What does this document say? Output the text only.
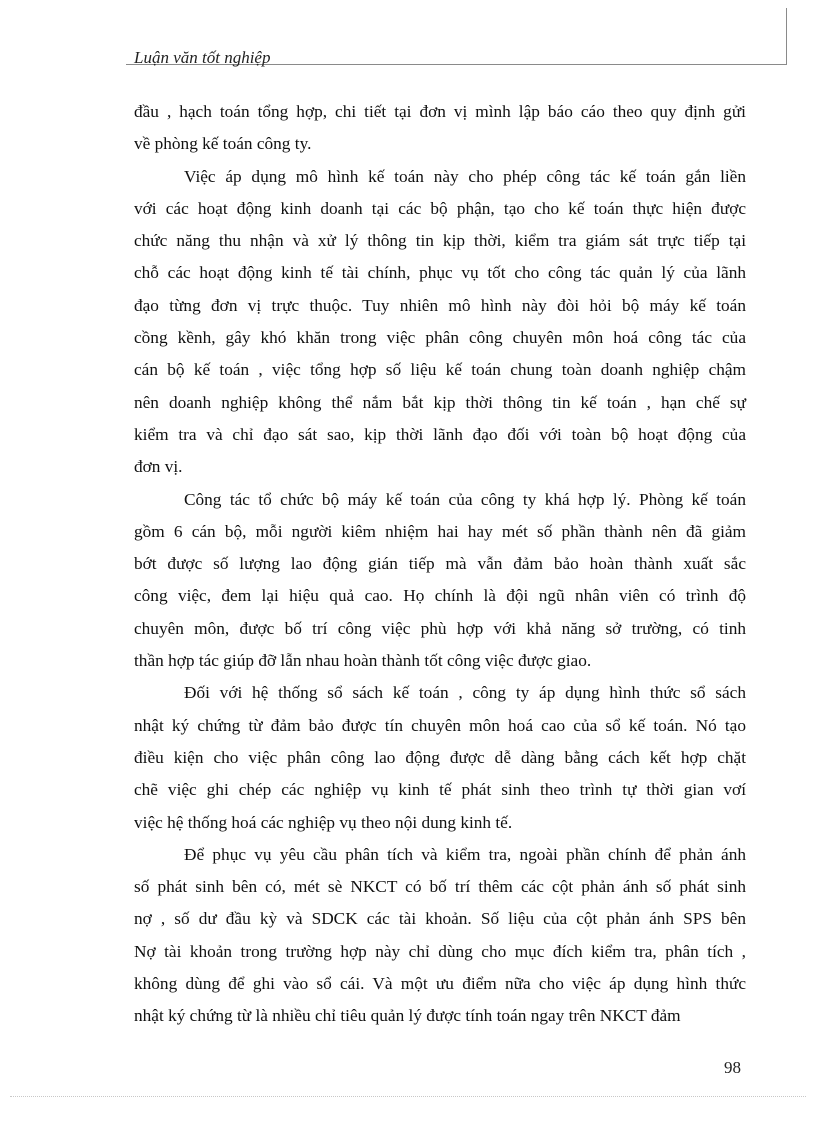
Luận văn tốt nghiệp

đầu , hạch toán tổng hợp, chi tiết tại đơn vị mình lập báo cáo theo quy định gửi
về phòng kế toán công ty.

Việc áp dụng mô hình kế toán này cho phép công tác kế toán gắn liền
với các hoạt động kinh doanh tại các bộ phận, tạo cho kế toán thực hiện được
chức năng thu nhận và xử lý thông tin kịp thời, kiểm tra giám sát trực tiếp tại
chỗ các hoạt động kinh tế tài chính, phục vụ tốt cho công tác quản lý của lãnh
đạo từng đơn vị trực thuộc. Tuy nhiên mô hình này đòi hỏi bộ máy kế toán
cồng kềnh, gây khó khăn trong việc phân công chuyên môn hoá công tác của
cán bộ kế toán , việc tổng hợp số liệu kế toán chung toàn doanh nghiệp chậm
nên doanh nghiệp không thể nắm bắt kịp thời thông tin kế toán , hạn chế sự
kiểm tra và chỉ đạo sát sao, kịp thời lãnh đạo đối với toàn bộ hoạt động của
đơn vị.

Công tác tổ chức bộ máy kế toán của công ty khá hợp lý. Phòng kế toán
gồm 6 cán bộ, mỗi người kiêm nhiệm hai hay mét số phần thành nên đã giảm
bớt được số lượng lao động gián tiếp mà vẫn đảm bảo hoàn thành xuất sắc
công việc, đem lại hiệu quả cao. Họ chính là đội ngũ nhân viên có trình độ
chuyên môn, được bố trí công việc phù hợp với khả năng sở trường, có tinh
thần hợp tác giúp đỡ lẫn nhau hoàn thành tốt công việc được giao.

Đối với hệ thống sổ sách kế toán , công ty áp dụng hình thức sổ sách
nhật ký chứng từ đảm bảo được tín chuyên môn hoá cao của sổ kế toán. Nó tạo
điều kiện cho việc phân công lao động được dễ dàng bằng cách kết hợp chặt
chẽ việc ghi chép các nghiệp vụ kinh tế phát sinh theo trình tự thời gian vơí
việc hệ thống hoá các nghiệp vụ theo nội dung kinh tế.

Để phục vụ yêu cầu phân tích và kiểm tra, ngoài phần chính để phản ánh
số phát sinh bên có, mét sè NKCT có bố trí thêm các cột phản ánh số phát sinh
nợ , số dư đầu kỳ và SDCK các tài khoản. Số liệu của cột phản ánh SPS bên
Nợ tài khoản trong trường hợp này chỉ dùng cho mục đích kiểm tra, phân tích ,
không dùng để ghi vào sổ cái. Và một ưu điểm nữa cho việc áp dụng hình thức
nhật ký chứng từ là nhiều chỉ tiêu quản lý được tính toán ngay trên NKCT đảm

98
